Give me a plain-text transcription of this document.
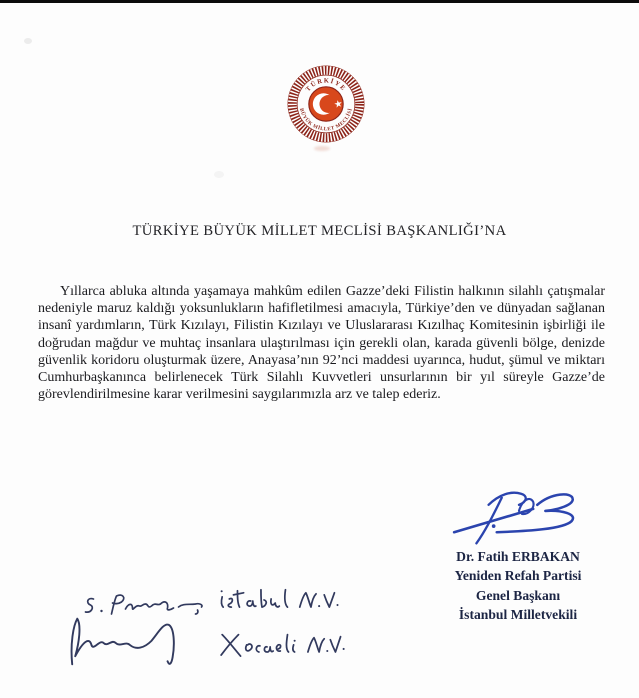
TÜRKİYE
BÜYÜK MİLLET MECLİSİ
★
TÜRKİYE BÜYÜK MİLLET MECLİSİ BAŞKANLIĞI’NA

Yıllarca abluka altında yaşamaya mahkûm edilen Gazze’deki Filistin halkının silahlı çatışmalar nedeniyle maruz kaldığı yoksunlukların hafifletilmesi amacıyla, Türkiye’den ve dünyadan sağlanan insanî yardımların, Türk Kızılayı, Filistin Kızılayı ve Uluslararası Kızılhaç Komitesinin işbirliği ile doğrudan mağdur ve muhtaç insanlara ulaştırılması için gerekli olan, karada güvenli bölge, denizde güvenlik koridoru oluşturmak üzere, Anayasa’nın 92’nci maddesi uyarınca, hudut, şümul ve miktarı Cumhurbaşkanınca belirlenecek Türk Silahlı Kuvvetleri unsurlarının bir yıl süreyle Gazze’de görevlendirilmesine karar verilmesini saygılarımızla arz ve talep ederiz.

Dr. Fatih ERBAKAN
Yeniden Refah Partisi
Genel Başkanı
İstanbul Milletvekili
